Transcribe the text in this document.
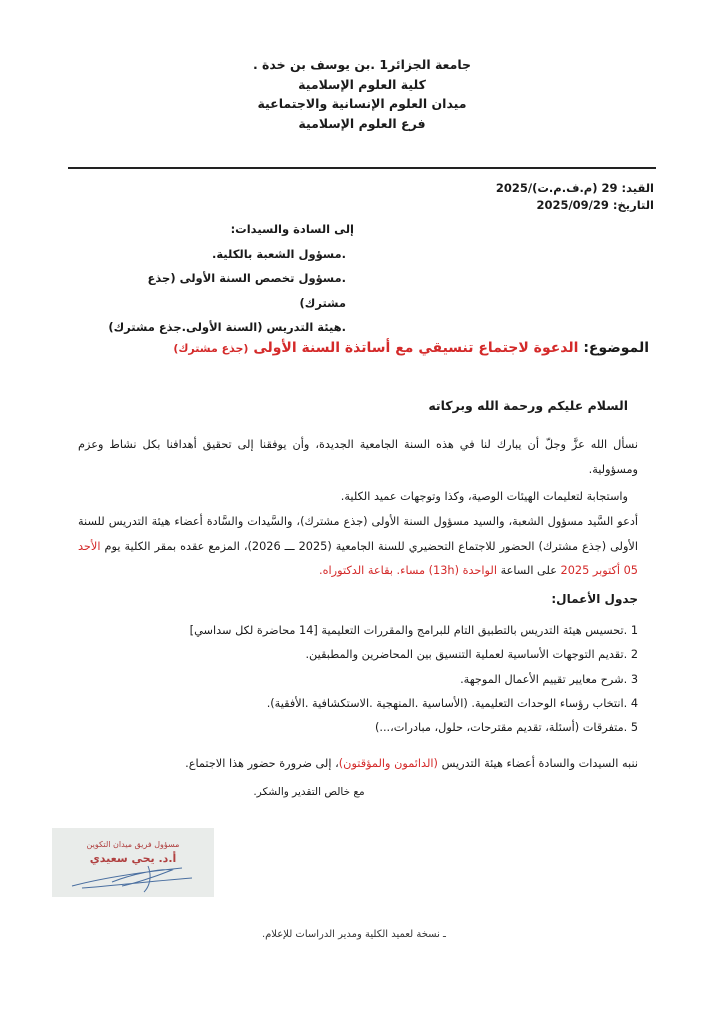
جامعة الجزائر1 .بن يوسف بن خدة .
كلية العلوم الإسلامية
ميدان العلوم الإنسانية والاجتماعية
فرع العلوم الإسلامية
القيد: 29 (م.ف.م.ت)/2025
التاريخ: 2025/09/29
إلى السادة والسيدات:
.مسؤول الشعبة بالكلية.
.مسؤول تخصص السنة الأولى (جذع مشترك)
.هيئة التدريس (السنة الأولى.جذع مشترك)
الموضوع: الدعوة لاجتماع تنسيقي مع أساتذة السنة الأولى (جذع مشترك)
السلام عليكم ورحمة الله وبركاته
نسأل الله عزَّ وجلّ أن يبارك لنا في هذه السنة الجامعية الجديدة، وأن يوفقنا إلى تحقيق أهدافنا بكل نشاط وعزم ومسؤولية.
واستجابة لتعليمات الهيئات الوصية، وكذا وتوجهات عميد الكلية.
أدعو السَّيد مسؤول الشعبة، والسيد مسؤول السنة الأولى (جذع مشترك)، والسَّيدات والسَّادة أعضاء هيئة التدريس للسنة الأولى (جذع مشترك) الحضور للاجتماع التحضيري للسنة الجامعية (2025 ـــ 2026)، المزمع عقده بمقر الكلية يوم الأحد 05 أكتوبر 2025 على الساعة الواحدة (13h) مساء. بقاعة الدكتوراه.
جدول الأعمال:
1 .تحسيس هيئة التدريس بالتطبيق التام للبرامج والمقررات التعليمية [14 محاضرة لكل سداسي]
2 .تقديم التوجهات الأساسية لعملية التنسيق بين المحاضرين والمطبقين.
3 .شرح معايير تقييم الأعمال الموجهة.
4 .انتخاب رؤساء الوحدات التعليمية. (الأساسية .المنهجية .الاستكشافية .الأفقية).
5 .متفرقات (أسئلة، تقديم مقترحات، حلول، مبادرات،...)
ننبه السيدات والسادة أعضاء هيئة التدريس (الدائمون والمؤقتون)، إلى ضرورة حضور هذا الاجتماع.
مع خالص التقدير والشكر.
مسؤول فريق ميدان التكوين
أ.د. يحي سعيدي
ـ نسخة لعميد الكلية ومدير الدراسات للإعلام.
